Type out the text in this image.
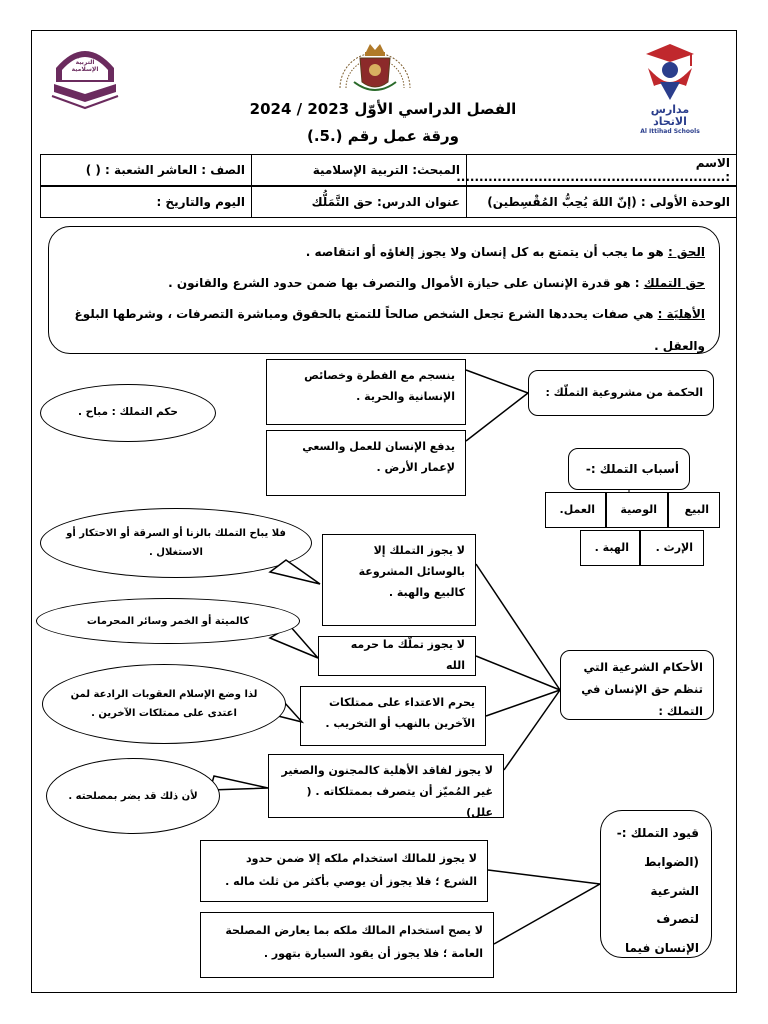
مدارس الاتحاد
Al Ittihad Schools
قسم
التربية
الإسلامية
الفصل الدراسي الأوّل 2023 / 2024
ورقة عمل رقم (.5.)
الاسم :...........................................................
المبحث: التربية الإسلامية
الصف : العاشر الشعبة : ( )
الوحدة الأولى : (إنّ اللهَ يُحِبُّ المُقْسِطين)
عنوان الدرس: حق التَّمَلُّك
اليوم والتاريخ :
الحق : هو ما يجب أن يتمتع به كل إنسان ولا يجوز إلغاؤه أو انتقاصه .
حق التملك : هو قدرة الإنسان على حيازة الأموال والتصرف بها ضمن حدود الشرع والقانون .
الأهليَة : هي صفات يحددها الشرع تجعل الشخص صالحاً للتمتع بالحقوق ومباشرة التصرفات ، وشرطها البلوغ والعقل .
الحكمة من مشروعية التملّك :
ينسجم مع الفطرة وخصائص الإنسانية والحرية .
يدفع الإنسان للعمل والسعي لإعمار الأرض .
حكم التملك : مباح .
أسباب التملك :-
البيع
الوصية
العمل.
الإرث .
الهبة .
الأحكام الشرعية التي تنظم حق الإنسان في التملك :
لا يجوز التملك إلا بالوسائل المشروعة كالبيع والهبة .
لا يجوز تملّك ما حرمه الله
يحرم الاعتداء على ممتلكات الآخرين بالنهب أو التخريب .
لا يجوز لفاقد الأهلية كالمجنون والصغير غير المُميّز أن يتصرف بممتلكاته . ( علل)
فلا يباح التملك بالزنا أو السرقة أو الاحتكار أو الاستغلال .
كالميتة أو الخمر وسائر المحرمات
لذا وضع الإسلام العقوبات الرادعة لمن اعتدى على ممتلكات الآخرين .
لأن ذلك قد يضر بمصلحته .
قيود التملك :- (الضوابط الشرعية لتصرف الإنسان فيما
لا يجوز للمالك استخدام ملكه إلا ضمن حدود الشرع ؛ فلا يجوز أن يوصي بأكثر من ثلث ماله .
لا يصح استخدام المالك ملكه بما يعارض المصلحة العامة ؛ فلا يجوز أن يقود السيارة بتهور .
